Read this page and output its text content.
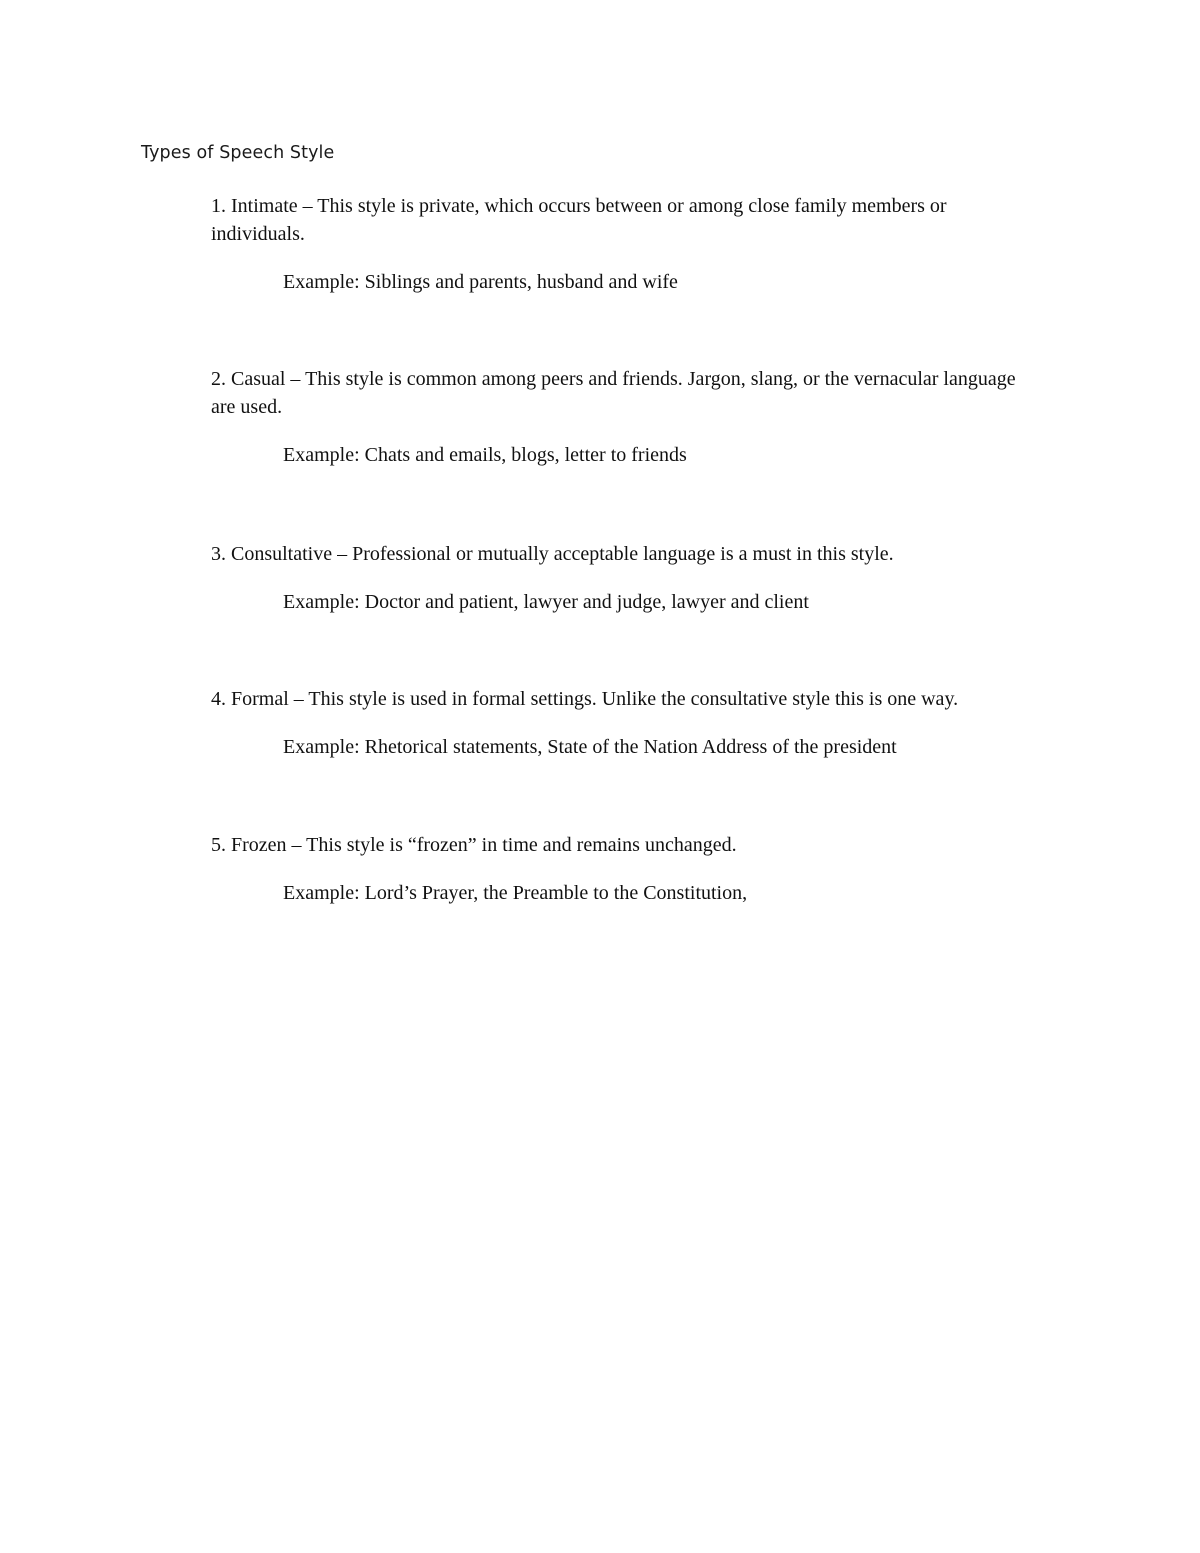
Types of Speech Style

1. Intimate – This style is private, which occurs between or among close family members or individuals.

Example: Siblings and parents, husband and wife

2. Casual – This style is common among peers and friends. Jargon, slang, or the vernacular language are used.

Example: Chats and emails, blogs, letter to friends

3. Consultative – Professional or mutually acceptable language is a must in this style.

Example: Doctor and patient, lawyer and judge, lawyer and client

4. Formal – This style is used in formal settings. Unlike the consultative style this is one way.

Example: Rhetorical statements, State of the Nation Address of the president

5. Frozen – This style is “frozen” in time and remains unchanged.

Example: Lord’s Prayer, the Preamble to the Constitution,
